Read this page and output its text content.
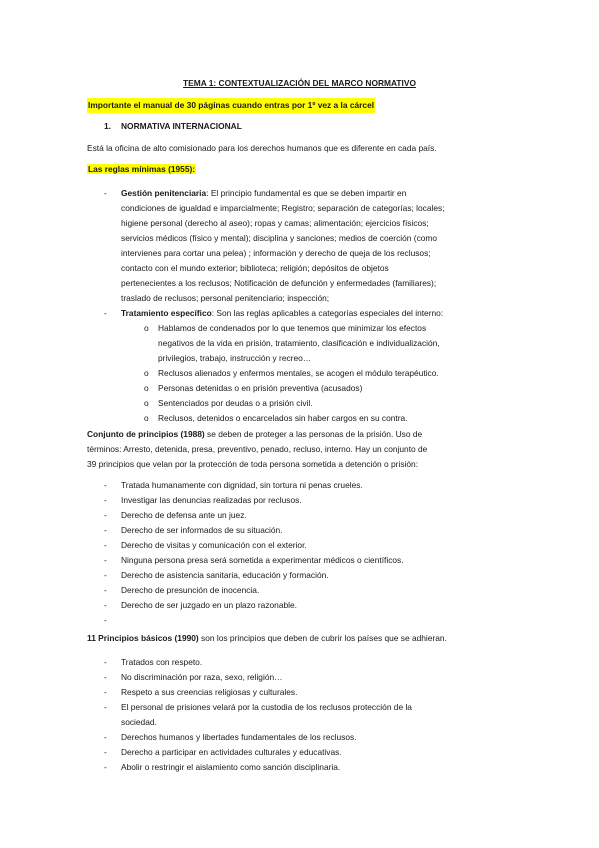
TEMA 1: CONTEXTUALIZACIÓN DEL MARCO NORMATIVO
Importante el manual de 30 páginas cuando entras por 1º vez a la cárcel
1. NORMATIVA INTERNACIONAL
Está la oficina de alto comisionado para los derechos humanos que es diferente en cada país.
Las reglas mínimas (1955):
- Gestión penitenciaria: El principio fundamental es que se deben impartir en
condiciones de igualdad e imparcialmente; Registro; separación de categorías; locales;
higiene personal (derecho al aseo); ropas y camas; alimentación; ejercicios físicos;
servicios médicos (físico y mental); disciplina y sanciones; medios de coerción (como
intervienes para cortar una pelea) ; información y derecho de queja de los reclusos;
contacto con el mundo exterior; biblioteca; religión; depósitos de objetos
pertenecientes a los reclusos; Notificación de defunción y enfermedades (familiares);
traslado de reclusos; personal penitenciario; inspección;
- Tratamiento específico: Son las reglas aplicables a categorías especiales del interno:
o Hablamos de condenados por lo que tenemos que minimizar los efectos
negativos de la vida en prisión, tratamiento, clasificación e individualización,
privilegios, trabajo, instrucción y recreo…
o Reclusos alienados y enfermos mentales, se acogen el módulo terapéutico.
o Personas detenidas o en prisión preventiva (acusados)
o Sentenciados por deudas o a prisión civil.
o Reclusos, detenidos o encarcelados sin haber cargos en su contra.
Conjunto de principios (1988) se deben de proteger a las personas de la prisión. Uso de
términos: Arresto, detenida, presa, preventivo, penado, recluso, interno. Hay un conjunto de
39 principios que velan por la protección de toda persona sometida a detención o prisión:
- Tratada humanamente con dignidad, sin tortura ni penas crueles.
- Investigar las denuncias realizadas por reclusos.
- Derecho de defensa ante un juez.
- Derecho de ser informados de su situación.
- Derecho de visitas y comunicación con el exterior.
- Ninguna persona presa será sometida a experimentar médicos o científicos.
- Derecho de asistencia sanitaria, educación y formación.
- Derecho de presunción de inocencia.
- Derecho de ser juzgado en un plazo razonable.
-
11 Principios básicos (1990) son los principios que deben de cubrir los países que se adhieran.
- Tratados con respeto.
- No discriminación por raza, sexo, religión…
- Respeto a sus creencias religiosas y culturales.
- El personal de prisiones velará por la custodia de los reclusos protección de la
sociedad.
- Derechos humanos y libertades fundamentales de los reclusos.
- Derecho a participar en actividades culturales y educativas.
- Abolir o restringir el aislamiento como sanción disciplinaria.
